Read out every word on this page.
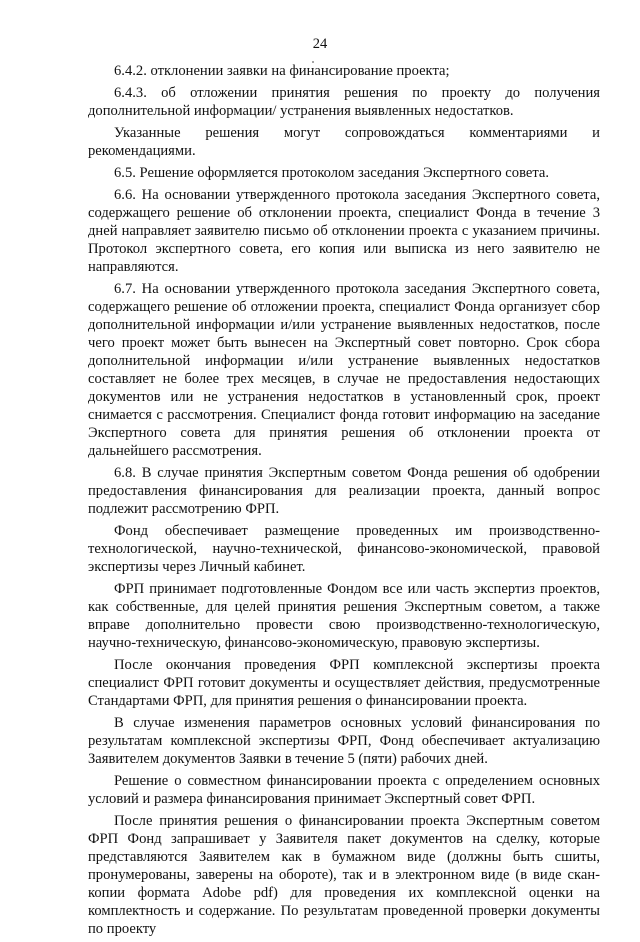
24

6.4.2. отклонении заявки на финансирование проекта;

6.4.3. об отложении принятия решения по проекту до получения дополнительной информации/ устранения выявленных недостатков.

Указанные решения могут сопровождаться комментариями и рекомендациями.

6.5. Решение оформляется протоколом заседания Экспертного совета.

6.6. На основании утвержденного протокола заседания Экспертного совета, содержащего решение об отклонении проекта, специалист Фонда в течение 3 дней направляет заявителю письмо об отклонении проекта с указанием причины. Протокол экспертного совета, его копия или выписка из него заявителю не направляются.

6.7. На основании утвержденного протокола заседания Экспертного совета, содержащего решение об отложении проекта, специалист Фонда организует сбор дополнительной информации и/или устранение выявленных недостатков, после чего проект может быть вынесен на Экспертный совет повторно. Срок сбора дополнительной информации и/или устранение выявленных недостатков составляет не более трех месяцев, в случае не предоставления недостающих документов или не устранения недостатков в установленный срок, проект снимается с рассмотрения. Специалист фонда готовит информацию на заседание Экспертного совета для принятия решения об отклонении проекта от дальнейшего рассмотрения.

6.8. В случае принятия Экспертным советом Фонда решения об одобрении предоставления финансирования для реализации проекта, данный вопрос подлежит рассмотрению ФРП.

Фонд обеспечивает размещение проведенных им производственно-технологической, научно-технической, финансово-экономической, правовой экспертизы через Личный кабинет.

ФРП принимает подготовленные Фондом все или часть экспертиз проектов, как собственные, для целей принятия решения Экспертным советом, а также вправе дополнительно провести свою производственно-технологическую, научно-техническую, финансово-экономическую, правовую экспертизы.

После окончания проведения ФРП комплексной экспертизы проекта специалист ФРП готовит документы и осуществляет действия, предусмотренные Стандартами ФРП, для принятия решения о финансировании проекта.

В случае изменения параметров основных условий финансирования по результатам комплексной экспертизы ФРП, Фонд обеспечивает актуализацию Заявителем документов Заявки в течение 5 (пяти) рабочих дней.

Решение о совместном финансировании проекта с определением основных условий и размера финансирования принимает Экспертный совет ФРП.

После принятия решения о финансировании проекта Экспертным советом ФРП Фонд запрашивает у Заявителя пакет документов на сделку, которые представляются Заявителем как в бумажном виде (должны быть сшиты, пронумерованы, заверены на обороте), так и в электронном виде (в виде скан-копии формата Adobe pdf) для проведения их комплексной оценки на комплектность и содержание. По результатам проведенной проверки документы по проекту
